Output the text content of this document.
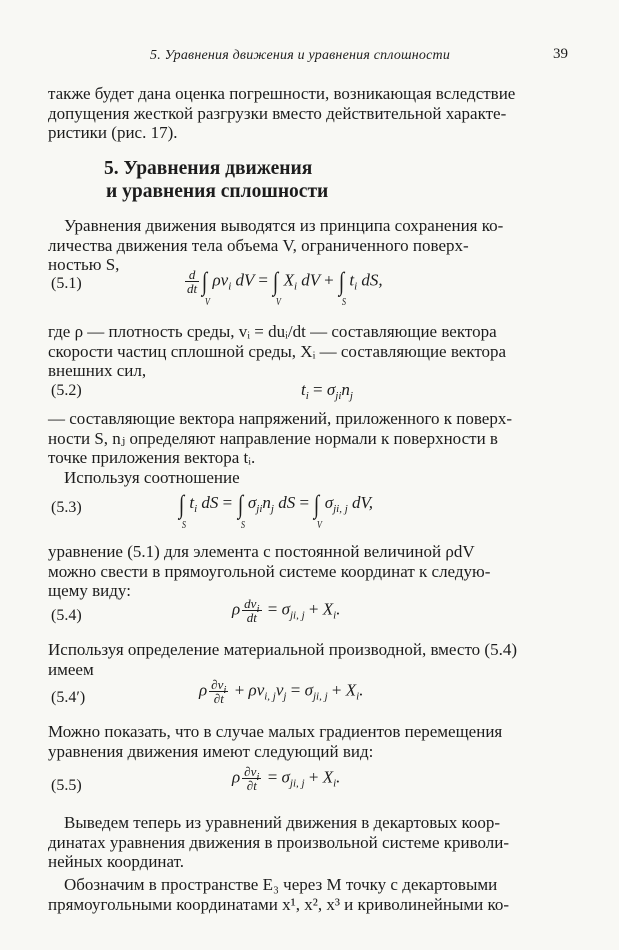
5. Уравнения движения и уравнения сплошности	39
также будет дана оценка погрешности, возникающая вследствие
допущения жесткой разгрузки вместо действительной характе-
ристики (рис. 17).
5. Уравнения движения
и уравнения сплошности
Уравнения движения выводятся из принципа сохранения ко-
личества движения тела объема V, ограниченного поверх-
ностью S,
(5.1)	$\frac{d}{dt}$ ∫
V
$\rho v_i$ dV = ∫
V
$X_i$ dV + ∫
S
$t_i$ dS,
где ρ — плотность среды, vᵢ = duᵢ/dt — составляющие вектора
скорости частиц сплошной среды, Xᵢ — составляющие вектора
внешних сил,
(5.2)	$t_i = \sigma_{ji}n_j$
— составляющие вектора напряжений, приложенного к поверх-
ности S, nⱼ определяют направление нормали к поверхности в
точке приложения вектора tᵢ.
Используя соотношение
(5.3)	∫
S
$t_i$ dS = ∫
S
$\sigma_{ji}n_j$ dS = ∫
V
$\sigma_{ji, j}$ dV,
уравнение (5.1) для элемента с постоянной величиной ρdV
можно свести в прямоугольной системе координат к следую-
щему виду:
(5.4)	ρ $\frac{dv_i}{dt} = \sigma_{ji, j} + X_i$.
Используя определение материальной производной, вместо (5.4)
имеем
(5.4′)	ρ $\frac{\partial v_i}{\partial t} + \rho v_{i, j}v_j = \sigma_{ji, j} + X_i$.
Можно показать, что в случае малых градиентов перемещения
уравнения движения имеют следующий вид:
(5.5)	ρ $\frac{\partial v_i}{\partial t} = \sigma_{ji, j} + X_i$.
Выведем теперь из уравнений движения в декартовых коор-
динатах уравнения движения в произвольной системе криволи-
нейных координат.
Обозначим в пространстве E₃ через M точку с декартовыми
прямоугольными координатами x¹, x², x³ и криволинейными ко-
